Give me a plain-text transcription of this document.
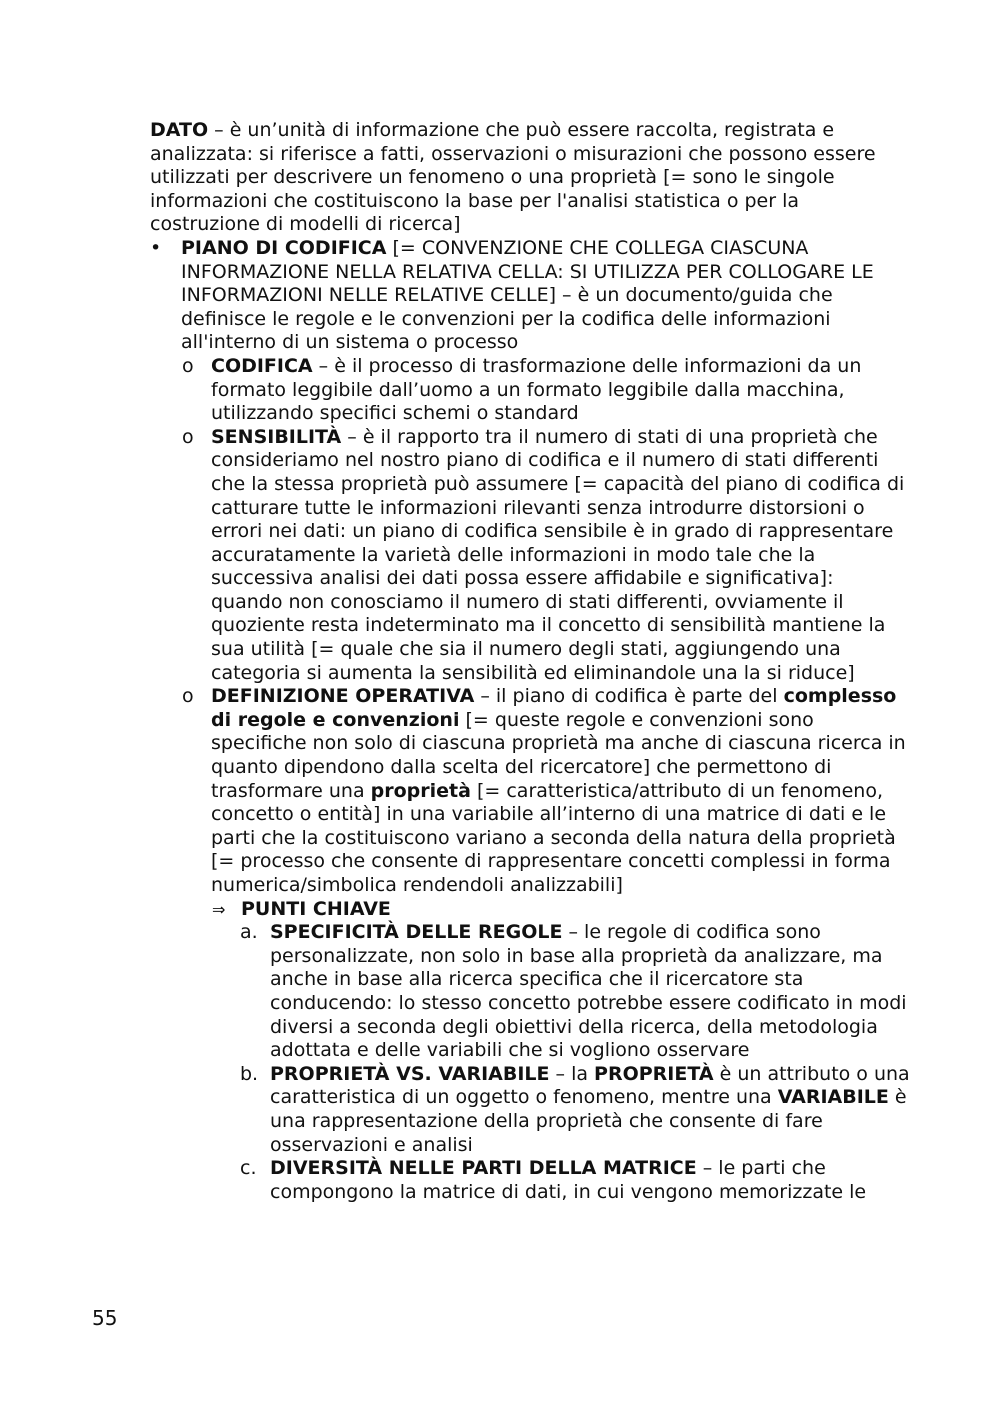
DATO – è un’unità di informazione che può essere raccolta, registrata e analizzata: si riferisce a fatti, osservazioni o misurazioni che possono essere utilizzati per descrivere un fenomeno o una proprietà [= sono le singole informazioni che costituiscono la base per l'analisi statistica o per la costruzione di modelli di ricerca]

• PIANO DI CODIFICA [= CONVENZIONE CHE COLLEGA CIASCUNA INFORMAZIONE NELLA RELATIVA CELLA: SI UTILIZZA PER COLLOGARE LE INFORMAZIONI NELLE RELATIVE CELLE] – è un documento/guida che definisce le regole e le convenzioni per la codifica delle informazioni all'interno di un sistema o processo
o CODIFICA – è il processo di trasformazione delle informazioni da un formato leggibile dall’uomo a un formato leggibile dalla macchina, utilizzando specifici schemi o standard
o SENSIBILITÀ – è il rapporto tra il numero di stati di una proprietà che consideriamo nel nostro piano di codifica e il numero di stati differenti che la stessa proprietà può assumere [= capacità del piano di codifica di catturare tutte le informazioni rilevanti senza introdurre distorsioni o errori nei dati: un piano di codifica sensibile è in grado di rappresentare accuratamente la varietà delle informazioni in modo tale che la successiva analisi dei dati possa essere affidabile e significativa]: quando non conosciamo il numero di stati differenti, ovviamente il quoziente resta indeterminato ma il concetto di sensibilità mantiene la sua utilità [= quale che sia il numero degli stati, aggiungendo una categoria si aumenta la sensibilità ed eliminandole una la si riduce]
o DEFINIZIONE OPERATIVA – il piano di codifica è parte del complesso di regole e convenzioni [= queste regole e convenzioni sono specifiche non solo di ciascuna proprietà ma anche di ciascuna ricerca in quanto dipendono dalla scelta del ricercatore] che permettono di trasformare una proprietà [= caratteristica/attributo di un fenomeno, concetto o entità] in una variabile all’interno di una matrice di dati e le parti che la costituiscono variano a seconda della natura della proprietà [= processo che consente di rappresentare concetti complessi in forma numerica/simbolica rendendoli analizzabili]
⇒ PUNTI CHIAVE
a. SPECIFICITÀ DELLE REGOLE – le regole di codifica sono personalizzate, non solo in base alla proprietà da analizzare, ma anche in base alla ricerca specifica che il ricercatore sta conducendo: lo stesso concetto potrebbe essere codificato in modi diversi a seconda degli obiettivi della ricerca, della metodologia adottata e delle variabili che si vogliono osservare
b. PROPRIETÀ VS. VARIABILE – la PROPRIETÀ è un attributo o una caratteristica di un oggetto o fenomeno, mentre una VARIABILE è una rappresentazione della proprietà che consente di fare osservazioni e analisi
c. DIVERSITÀ NELLE PARTI DELLA MATRICE – le parti che compongono la matrice di dati, in cui vengono memorizzate le
55
